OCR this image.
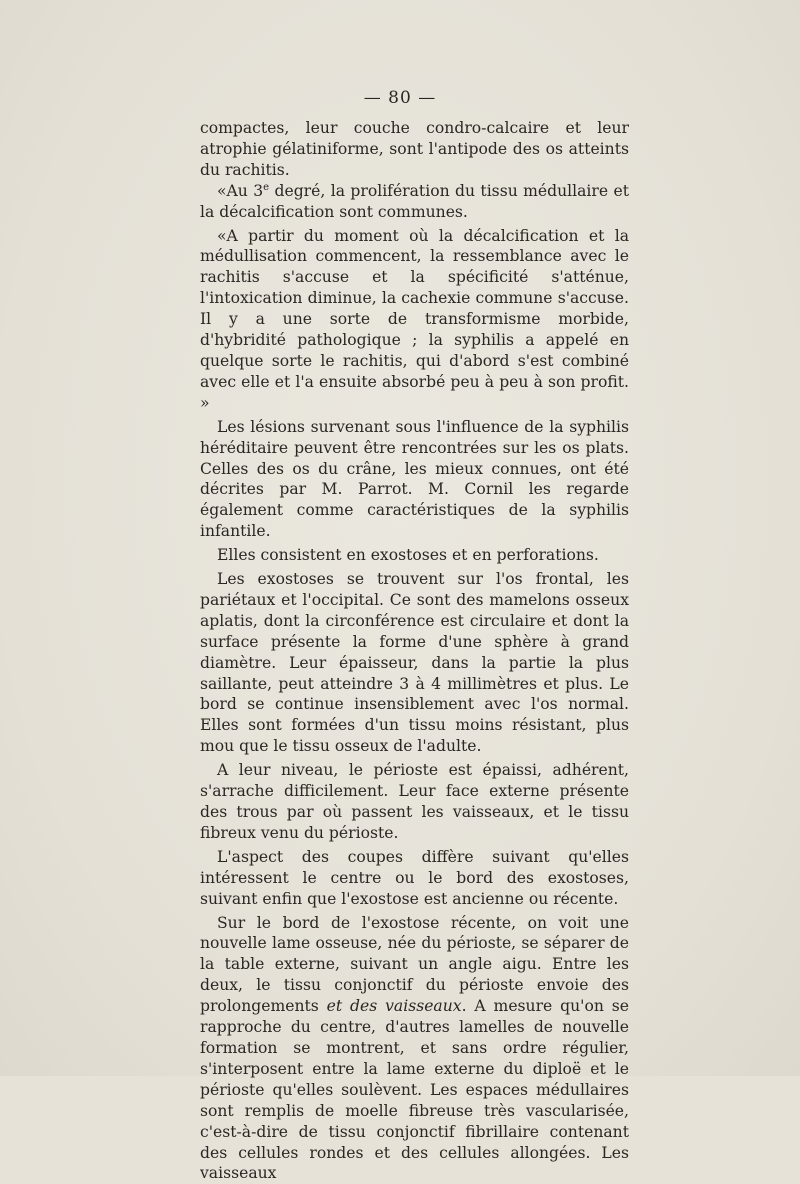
— 80 —

compactes, leur couche condro-calcaire et leur atrophie gélatiniforme, sont l'antipode des os atteints du rachitis.

«Au 3e degré, la prolifération du tissu médullaire et la décalcification sont communes.

«A partir du moment où la décalcification et la médullisation commencent, la ressemblance avec le rachitis s'accuse et la spécificité s'atténue, l'intoxication diminue, la cachexie commune s'accuse. Il y a une sorte de transformisme morbide, d'hybridité pathologique ; la syphilis a appelé en quelque sorte le rachitis, qui d'abord s'est combiné avec elle et l'a ensuite absorbé peu à peu à son profit. »

Les lésions survenant sous l'influence de la syphilis héréditaire peuvent être rencontrées sur les os plats. Celles des os du crâne, les mieux connues, ont été décrites par M. Parrot. M. Cornil les regarde également comme caractéristiques de la syphilis infantile.

Elles consistent en exostoses et en perforations.

Les exostoses se trouvent sur l'os frontal, les pariétaux et l'occipital. Ce sont des mamelons osseux aplatis, dont la circonférence est circulaire et dont la surface présente la forme d'une sphère à grand diamètre. Leur épaisseur, dans la partie la plus saillante, peut atteindre 3 à 4 millimètres et plus. Le bord se continue insensiblement avec l'os normal. Elles sont formées d'un tissu moins résistant, plus mou que le tissu osseux de l'adulte.

A leur niveau, le périoste est épaissi, adhérent, s'arrache difficilement. Leur face externe présente des trous par où passent les vaisseaux, et le tissu fibreux venu du périoste.

L'aspect des coupes diffère suivant qu'elles intéressent le centre ou le bord des exostoses, suivant enfin que l'exostose est ancienne ou récente.

Sur le bord de l'exostose récente, on voit une nouvelle lame osseuse, née du périoste, se séparer de la table externe, suivant un angle aigu. Entre les deux, le tissu conjonctif du périoste envoie des prolongements et des vaisseaux. A mesure qu'on se rapproche du centre, d'autres lamelles de nouvelle formation se montrent, et sans ordre régulier, s'interposent entre la lame externe du diploë et le périoste qu'elles soulèvent. Les espaces médullaires sont remplis de moelle fibreuse très vascularisée, c'est-à-dire de tissu conjonctif fibrillaire contenant des cellules rondes et des cellules allongées. Les vaisseaux
